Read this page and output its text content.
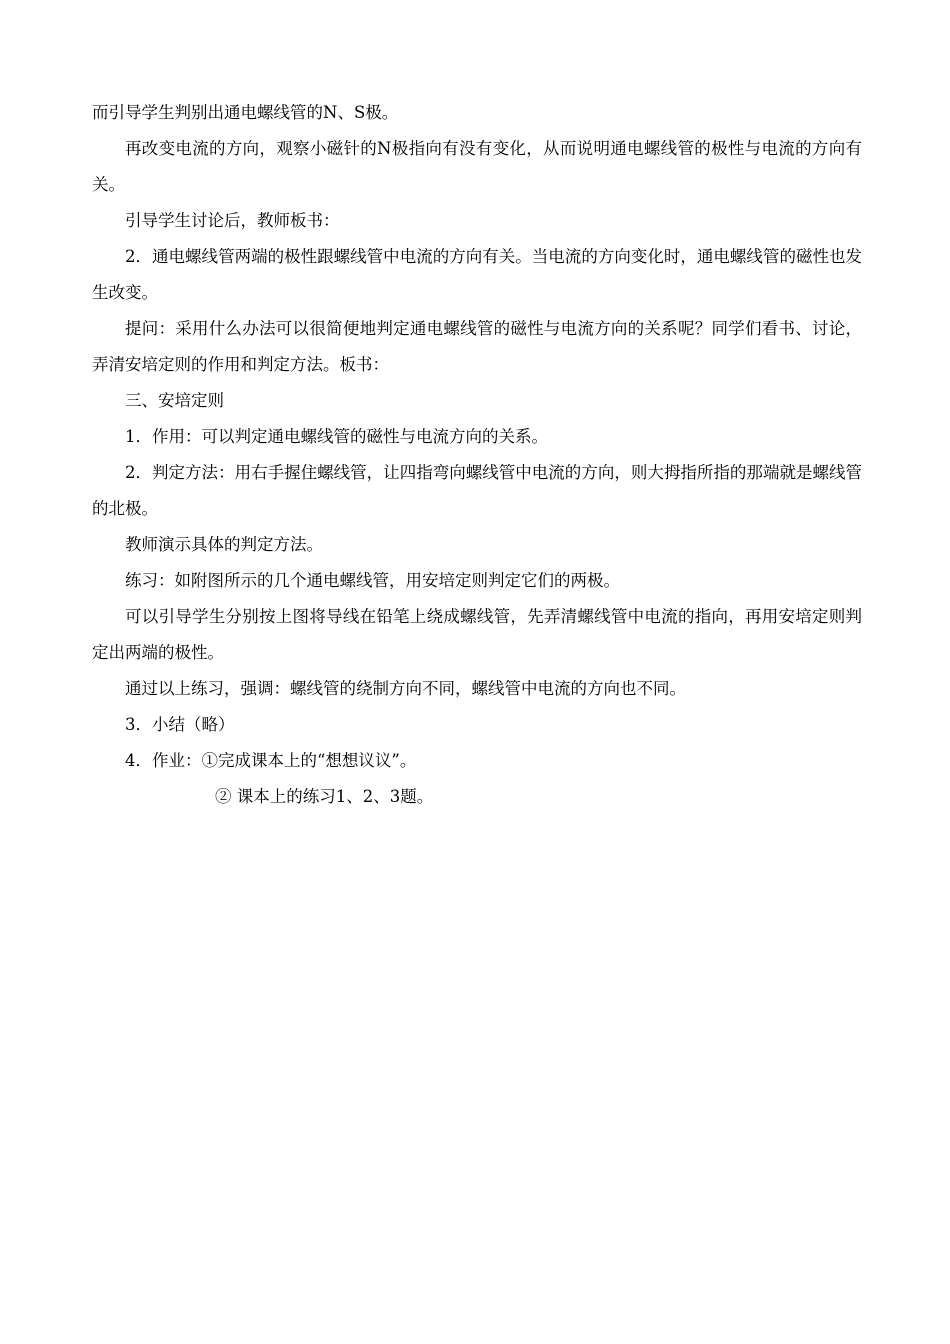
而引导学生判别出通电螺线管的N、S极。

再改变电流的方向，观察小磁针的N极指向有没有变化，从而说明通电螺线管的极性与电流的方向有关。

引导学生讨论后，教师板书：

2．通电螺线管两端的极性跟螺线管中电流的方向有关。当电流的方向变化时，通电螺线管的磁性也发生改变。

提问：采用什么办法可以很简便地判定通电螺线管的磁性与电流方向的关系呢？同学们看书、讨论，弄清安培定则的作用和判定方法。板书：

三、安培定则

1．作用：可以判定通电螺线管的磁性与电流方向的关系。

2．判定方法：用右手握住螺线管，让四指弯向螺线管中电流的方向，则大拇指所指的那端就是螺线管的北极。

教师演示具体的判定方法。

练习：如附图所示的几个通电螺线管，用安培定则判定它们的两极。

可以引导学生分别按上图将导线在铅笔上绕成螺线管，先弄清螺线管中电流的指向，再用安培定则判定出两端的极性。

通过以上练习，强调：螺线管的绕制方向不同，螺线管中电流的方向也不同。

3．小结（略）

4．作业：①完成课本上的“想想议议”。

② 课本上的练习1、2、3题。
